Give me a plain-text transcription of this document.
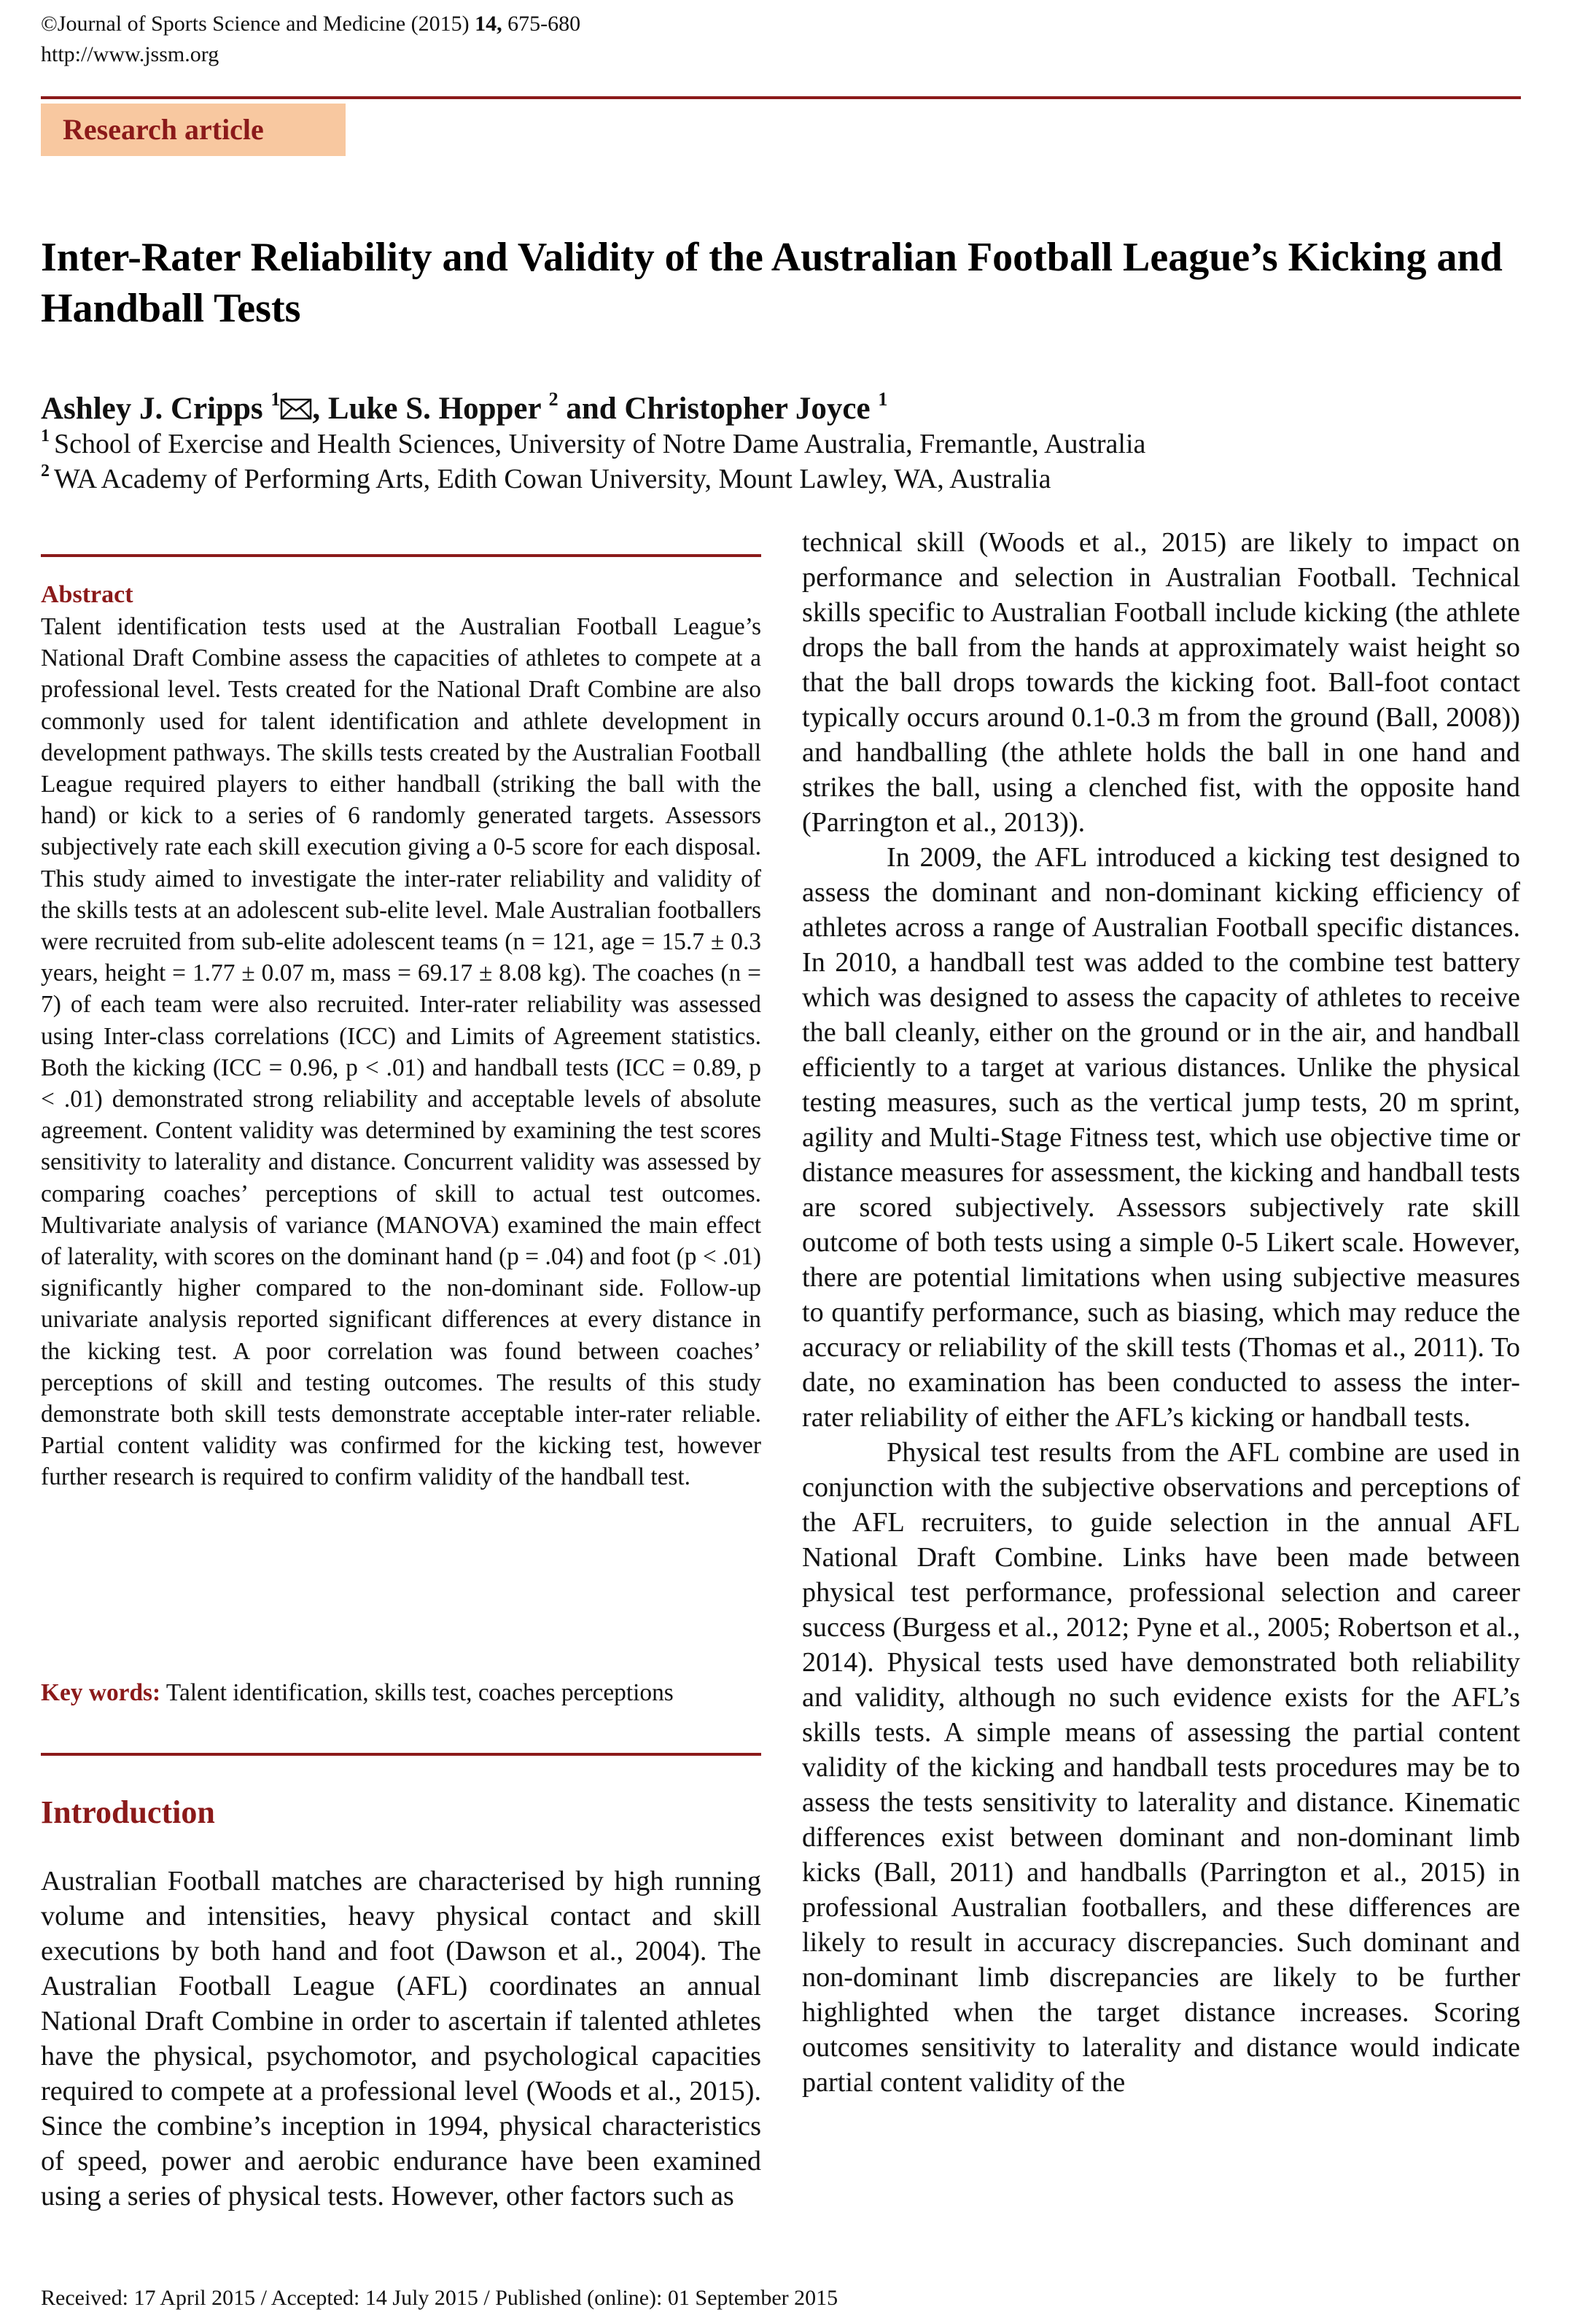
©Journal of Sports Science and Medicine (2015) 14, 675-680
http://www.jssm.org
Research article
Inter-Rater Reliability and Validity of the Australian Football League’s Kicking and Handball Tests
Ashley J. Cripps $^1$ , Luke S. Hopper $^2$ and Christopher Joyce $^1$
$^1$ School of Exercise and Health Sciences, University of Notre Dame Australia, Fremantle, Australia
$^2$ WA Academy of Performing Arts, Edith Cowan University, Mount Lawley, WA, Australia
Abstract

Talent identification tests used at the Australian Football League’s National Draft Combine assess the capacities of athletes to compete at a professional level. Tests created for the National Draft Combine are also commonly used for talent identification and athlete development in development pathways. The skills tests created by the Australian Football League required players to either handball (striking the ball with the hand) or kick to a series of 6 randomly generated targets. Assessors subjectively rate each skill execution giving a 0-5 score for each disposal. This study aimed to investigate the inter-rater reliability and validity of the skills tests at an adolescent sub-elite level. Male Australian footballers were recruited from sub-elite adolescent teams (n = 121, age = 15.7 ± 0.3 years, height = 1.77 ± 0.07 m, mass = 69.17 ± 8.08 kg). The coaches (n = 7) of each team were also recruited. Inter-rater reliability was assessed using Inter-class correlations (ICC) and Limits of Agreement statistics. Both the kicking (ICC = 0.96, p < .01) and handball tests (ICC = 0.89, p < .01) demonstrated strong reliability and acceptable levels of absolute agreement. Content validity was determined by examining the test scores sensitivity to laterality and distance. Concurrent validity was assessed by comparing coaches’ perceptions of skill to actual test outcomes. Multivariate analysis of variance (MANOVA) examined the main effect of laterality, with scores on the dominant hand (p = .04) and foot (p < .01) significantly higher compared to the non-dominant side. Follow-up univariate analysis reported significant differences at every distance in the kicking test. A poor correlation was found between coaches’ perceptions of skill and testing outcomes. The results of this study demonstrate both skill tests demonstrate acceptable inter-rater reliable. Partial content validity was confirmed for the kicking test, however further research is required to confirm validity of the handball test.

Key words: Talent identification, skills test, coaches perceptions

Introduction

Australian Football matches are characterised by high running volume and intensities, heavy physical contact and skill executions by both hand and foot (Dawson et al., 2004). The Australian Football League (AFL) coordinates an annual National Draft Combine in order to ascertain if talented athletes have the physical, psychomotor, and psychological capacities required to compete at a professional level (Woods et al., 2015). Since the combine’s inception in 1994, physical characteristics of speed, power and aerobic endurance have been examined using a series of physical tests. However, other factors such as

technical skill (Woods et al., 2015) are likely to impact on performance and selection in Australian Football. Technical skills specific to Australian Football include kicking (the athlete drops the ball from the hands at approximately waist height so that the ball drops towards the kicking foot. Ball-foot contact typically occurs around 0.1-0.3 m from the ground (Ball, 2008)) and handballing (the athlete holds the ball in one hand and strikes the ball, using a clenched fist, with the opposite hand (Parrington et al., 2013)).

In 2009, the AFL introduced a kicking test designed to assess the dominant and non-dominant kicking efficiency of athletes across a range of Australian Football specific distances. In 2010, a handball test was added to the combine test battery which was designed to assess the capacity of athletes to receive the ball cleanly, either on the ground or in the air, and handball efficiently to a target at various distances. Unlike the physical testing measures, such as the vertical jump tests, 20 m sprint, agility and Multi-Stage Fitness test, which use objective time or distance measures for assessment, the kicking and handball tests are scored subjectively. Assessors subjectively rate skill outcome of both tests using a simple 0-5 Likert scale. However, there are potential limitations when using subjective measures to quantify performance, such as biasing, which may reduce the accuracy or reliability of the skill tests (Thomas et al., 2011). To date, no examination has been conducted to assess the inter-rater reliability of either the AFL’s kicking or handball tests.

Physical test results from the AFL combine are used in conjunction with the subjective observations and perceptions of the AFL recruiters, to guide selection in the annual AFL National Draft Combine. Links have been made between physical test performance, professional selection and career success (Burgess et al., 2012; Pyne et al., 2005; Robertson et al., 2014). Physical tests used have demonstrated both reliability and validity, although no such evidence exists for the AFL’s skills tests. A simple means of assessing the partial content validity of the kicking and handball tests procedures may be to assess the tests sensitivity to laterality and distance. Kinematic differences exist between dominant and non-dominant limb kicks (Ball, 2011) and handballs (Parrington et al., 2015) in professional Australian footballers, and these differences are likely to result in accuracy discrepancies. Such dominant and non-dominant limb discrepancies are likely to be further highlighted when the target distance increases. Scoring outcomes sensitivity to laterality and distance would indicate partial content validity of the

Received: 17 April 2015 / Accepted: 14 July 2015 / Published (online): 01 September 2015
